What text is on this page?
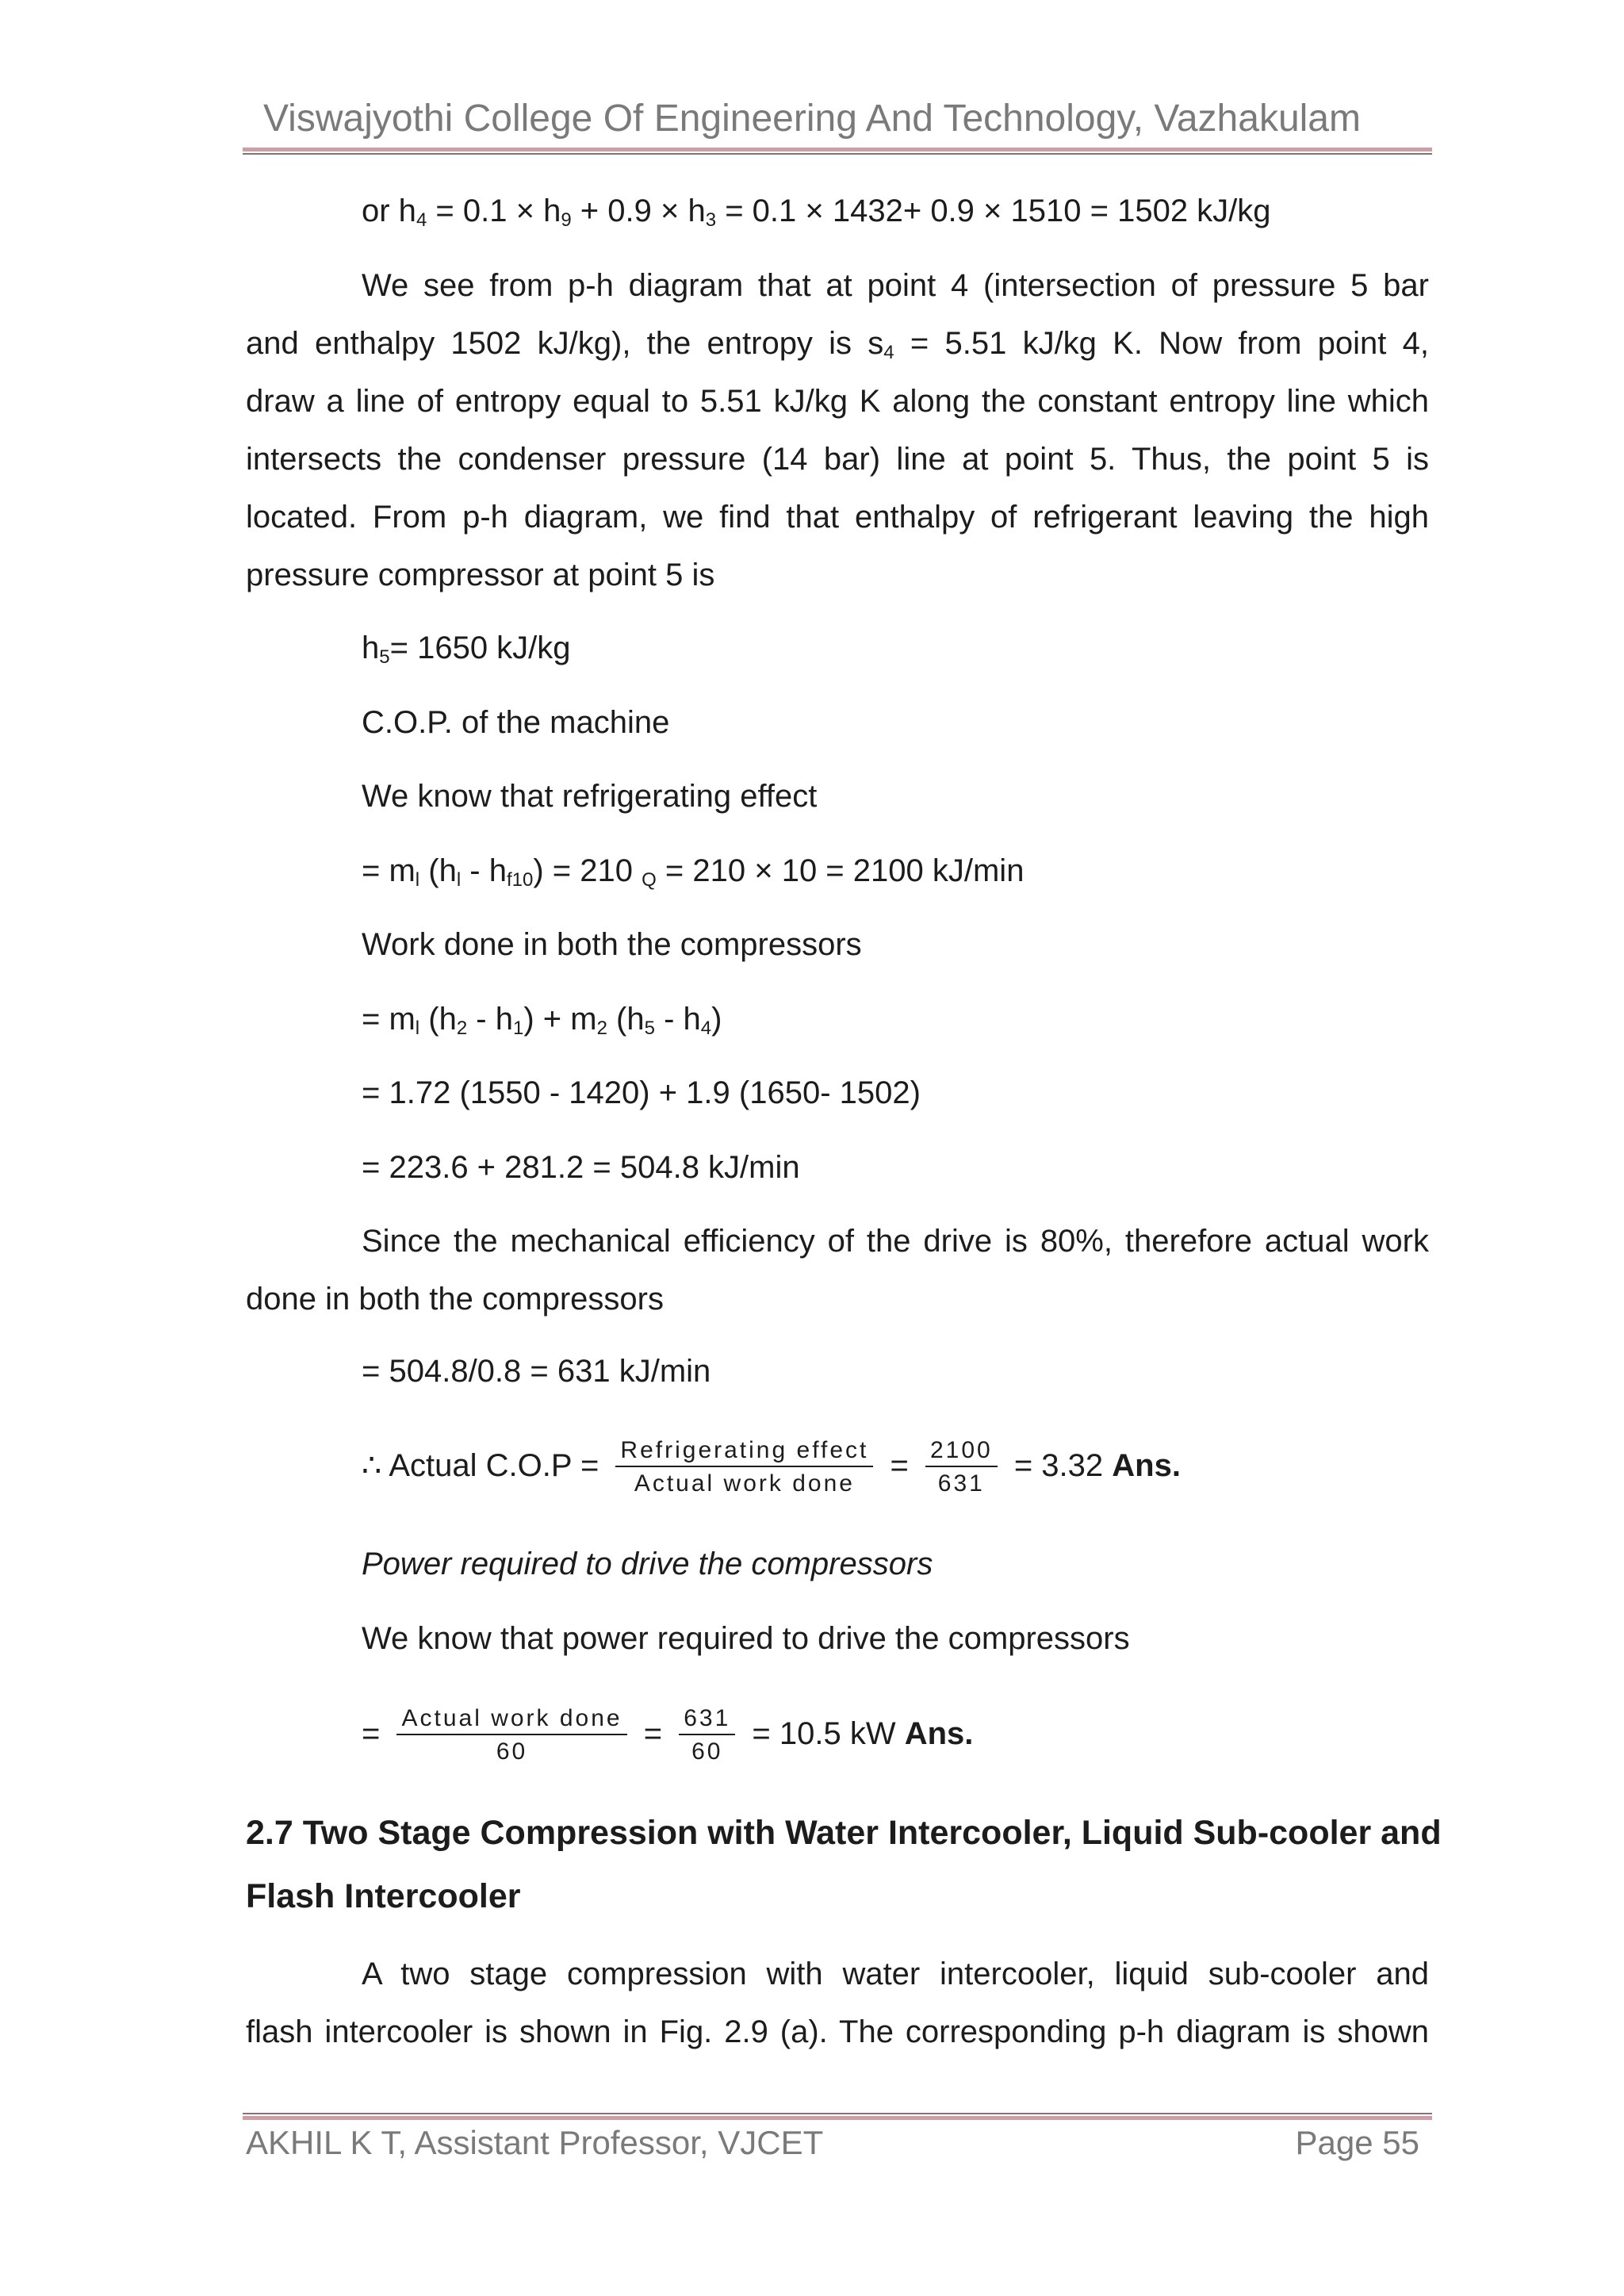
Viswajyothi College Of Engineering And Technology, Vazhakulam
or $h_4 = 0.1 \times h_9 + 0.9 \times h_3 = 0.1 \times 1432+ 0.9 \times 1510 = 1502$ kJ/kg
We see from p-h diagram that at point 4 (intersection of pressure 5 bar
and enthalpy 1502 kJ/kg), the entropy is $s_4 = 5.51$ kJ/kg K. Now from point 4,
draw a line of entropy equal to 5.51 kJ/kg K along the constant entropy line which
intersects the condenser pressure (14 bar) line at point 5. Thus, the point 5 is
located. From p-h diagram, we find that enthalpy of refrigerant leaving the high
pressure compressor at point 5 is
$h_5= 1650$ kJ/kg
C.O.P. of the machine
We know that refrigerating effect
= $m_l$ $(h_l - h_{f10}) = 210$ $_Q$ = 210 × 10 = 2100 kJ/min
Work done in both the compressors
= $m_l$ $(h_2 - h_1) + m_2$ $(h_5 - h_4)$
= 1.72 (1550 - 1420) + 1.9 (1650- 1502)
= 223.6 + 281.2 = 504.8 kJ/min
Since the mechanical efficiency of the drive is 80%, therefore actual work
done in both the compressors
= 504.8/0.8 = 631 kJ/min
∴ Actual $C.O.P = \frac{\text{Refrigerating effect}}{\text{Actual work done}} = \frac{2100}{631} = 3.32$ Ans.
Power required to drive the compressors
We know that power required to drive the compressors
= $\frac{\text{Actual work done}}{60} = \frac{631}{60} = 10.5$ kW Ans.
2.7 Two Stage Compression with Water Intercooler, Liquid Sub-cooler and
Flash Intercooler
A two stage compression with water intercooler, liquid sub-cooler and
flash intercooler is shown in Fig. 2.9 (a). The corresponding p-h diagram is shown
AKHIL K T, Assistant Professor, VJCET	Page 55
